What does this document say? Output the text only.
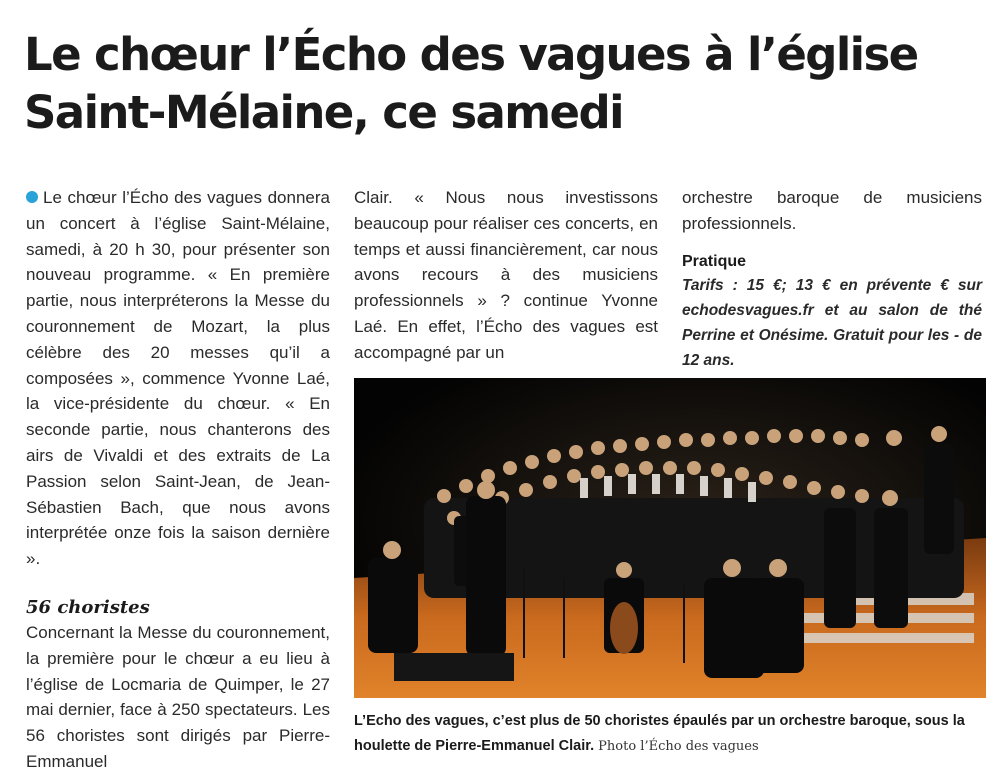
Le chœur l’Écho des vagues à l’église Saint-Mélaine, ce samedi

Le chœur l’Écho des vagues donnera un concert à l’église Saint-Mélaine, samedi, à 20 h 30, pour présenter son nouveau programme. « En première partie, nous interpréterons la Messe du couronnement de Mozart, la plus célèbre des 20 messes qu’il a composées », commence Yvonne Laé, la vice-présidente du chœur. « En seconde partie, nous chanterons des airs de Vivaldi et des extraits de La Passion selon Saint-Jean, de Jean-Sébastien Bach, que nous avons interprétée onze fois la saison dernière ».

56 choristes

Concernant la Messe du couronnement, la première pour le chœur a eu lieu à l’église de Locmaria de Quimper, le 27 mai dernier, face à 250 spectateurs. Les 56 choristes sont dirigés par Pierre-Emmanuel

Clair. « Nous nous investissons beaucoup pour réaliser ces concerts, en temps et aussi financièrement, car nous avons recours à des musiciens professionnels » ? continue Yvonne Laé. En effet, l’Écho des vagues est accompagné par un

orchestre baroque de musiciens professionnels.

Pratique

Tarifs : 15 €; 13 € en prévente € sur echodesvagues.fr et au salon de thé Perrine et Onésime. Gratuit pour les - de 12 ans.

L’Echo des vagues, c’est plus de 50 choristes épaulés par un orchestre baroque, sous la houlette de Pierre-Emmanuel Clair. Photo l’Écho des vagues
